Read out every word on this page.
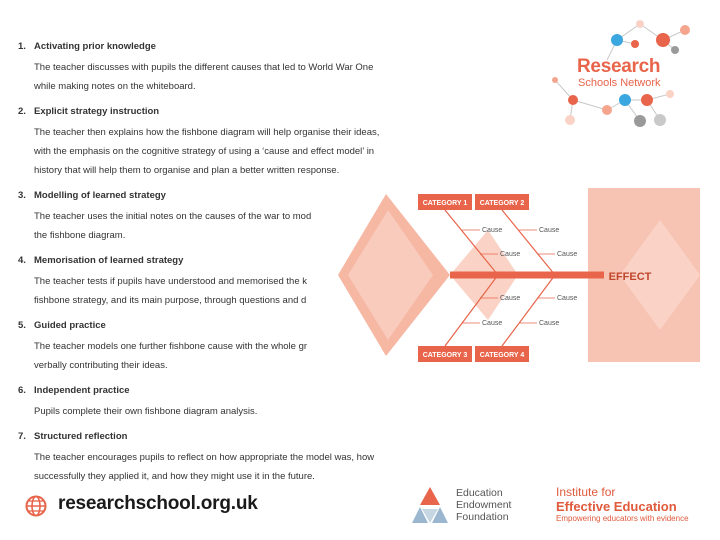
1. Activating prior knowledge
The teacher discusses with pupils the different causes that led to World War One
while making notes on the whiteboard.
2. Explicit strategy instruction
The teacher then explains how the fishbone diagram will help organise their ideas,
with the emphasis on the cognitive strategy of using a ‘cause and effect model’ in
history that will help them to organise and plan a better written response.
3. Modelling of learned strategy
The teacher uses the initial notes on the causes of the war to mod
the fishbone diagram.
4. Memorisation of learned strategy
The teacher tests if pupils have understood and memorised the k
fishbone strategy, and its main purpose, through questions and d
5. Guided practice
The teacher models one further fishbone cause with the whole gr
verbally contributing their ideas.
6. Independent practice
Pupils complete their own fishbone diagram analysis.
7. Structured reflection
The teacher encourages pupils to reflect on how appropriate the model was, how
successfully they applied it, and how they might use it in the future.
Research
Schools Network
CATEGORY 1 CATEGORY 2
CATEGORY 3 CATEGORY 4
Cause	Cause
Cause	Cause
Cause	Cause
Cause	Cause
EFFECT
researchschool.org.uk	Education
Endowment
Foundation
Institute for
Effective Education
Empowering educators with evidence
